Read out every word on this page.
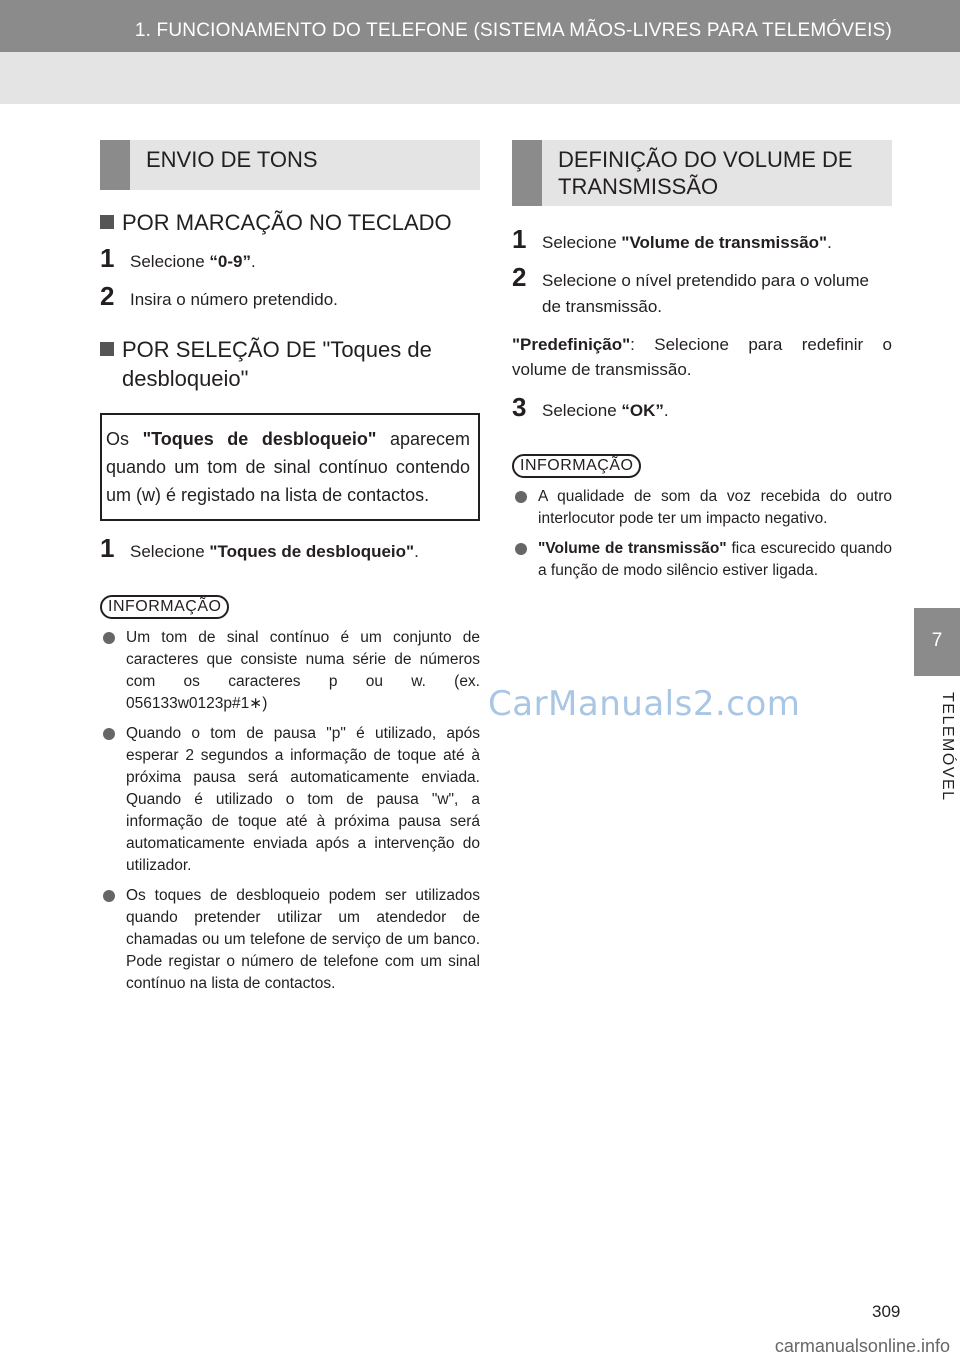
1. FUNCIONAMENTO DO TELEFONE (SISTEMA MÃOS-LIVRES PARA TELEMÓVEIS)
7
TELEMÓVEL
ENVIO DE TONS
POR MARCAÇÃO NO TECLADO
1 Selecione “0-9”.
2 Insira o número pretendido.
POR SELEÇÃO DE "Toques de desbloqueio"
Os "Toques de desbloqueio" aparecem quando um tom de sinal contínuo contendo um (w) é registado na lista de contactos.
1 Selecione "Toques de desbloqueio".
INFORMAÇÃO
Um tom de sinal contínuo é um conjunto de caracteres que consiste numa série de números com os caracteres p ou w. (ex. 056133w0123p#1∗)
Quando o tom de pausa "p" é utilizado, após esperar 2 segundos a informação de toque até à próxima pausa será automaticamente enviada. Quando é utilizado o tom de pausa "w", a informação de toque até à próxima pausa será automaticamente enviada após a intervenção do utilizador.
Os toques de desbloqueio podem ser utilizados quando pretender utilizar um atendedor de chamadas ou um telefone de serviço de um banco. Pode registar o número de telefone com um sinal contínuo na lista de contactos.
DEFINIÇÃO DO VOLUME DE TRANSMISSÃO
1 Selecione "Volume de transmissão".
2 Selecione o nível pretendido para o volume de transmissão.
"Predefinição": Selecione para redefinir o volume de transmissão.
3 Selecione “OK”.
INFORMAÇÃO
A qualidade de som da voz recebida do outro interlocutor pode ter um impacto negativo.
"Volume de transmissão" fica escurecido quando a função de modo silêncio estiver ligada.
CarManuals2.com
309
carmanualsonline.info
